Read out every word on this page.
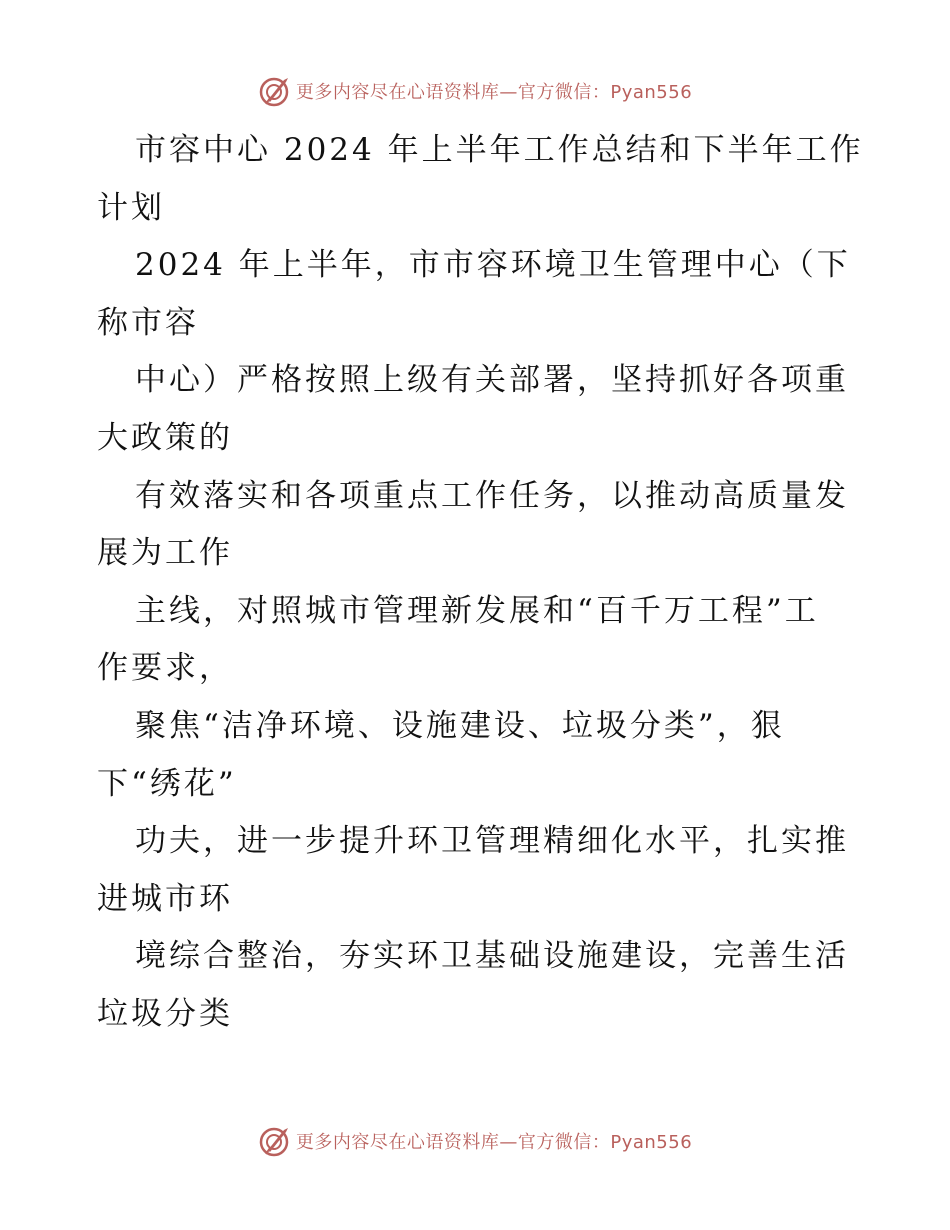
更多内容尽在心语资料库—官方微信：Pyan556
市容中心 2024 年上半年工作总结和下半年工作
计划
2024 年上半年，市市容环境卫生管理中心（下
称市容
中心）严格按照上级有关部署，坚持抓好各项重
大政策的
有效落实和各项重点工作任务，以推动高质量发
展为工作
主线，对照城市管理新发展和“百千万工程”工
作要求，
聚焦“洁净环境、设施建设、垃圾分类”，狠
下“绣花”
功夫，进一步提升环卫管理精细化水平，扎实推
进城市环
境综合整治，夯实环卫基础设施建设，完善生活
垃圾分类
更多内容尽在心语资料库—官方微信：Pyan556
